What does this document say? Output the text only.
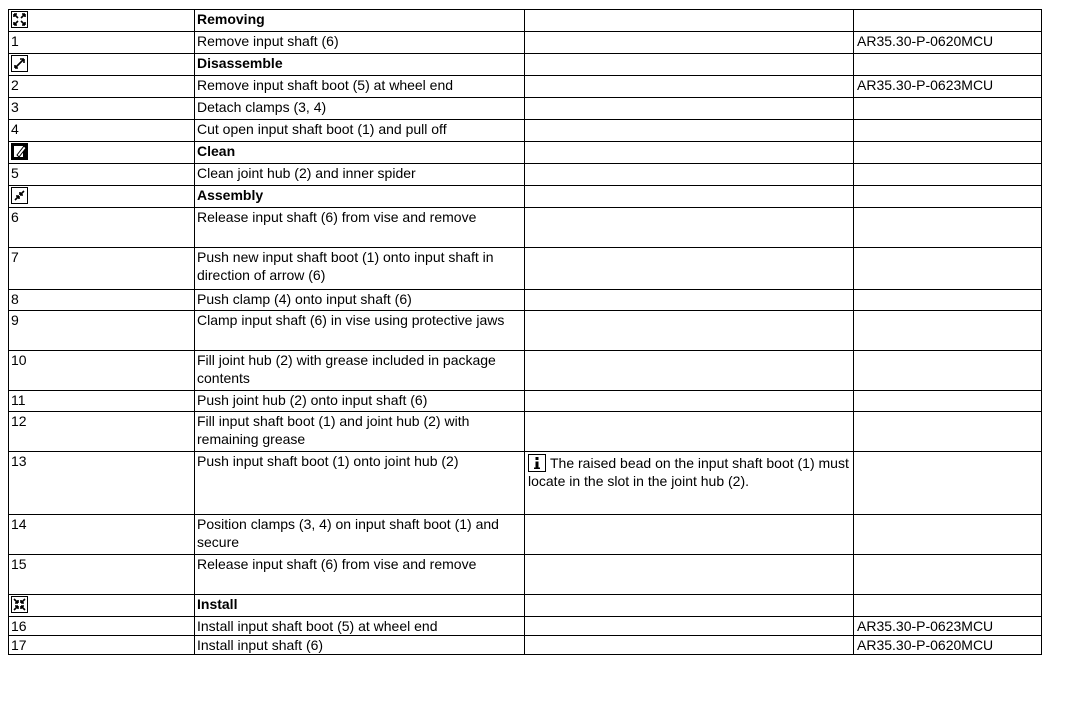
	Removing		
1	Remove input shaft (6)		AR35.30-P-0620MCU
	Disassemble		
2	Remove input shaft boot (5) at wheel end		AR35.30-P-0623MCU
3	Detach clamps (3, 4)		
4	Cut open input shaft boot (1) and pull off		
	Clean		
5	Clean joint hub (2) and inner spider		
	Assembly		
6	Release input shaft (6) from vise and remove		
7	Push new input shaft boot (1) onto input shaft in direction of arrow (6)		
8	Push clamp (4) onto input shaft (6)		
9	Clamp input shaft (6) in vise using protective jaws		
10	Fill joint hub (2) with grease included in package contents		
11	Push joint hub (2) onto input shaft (6)		
12	Fill input shaft boot (1) and joint hub (2) with remaining grease		
13	Push input shaft boot (1) onto joint hub (2)	The raised bead on the input shaft boot (1) must locate in the slot in the joint hub (2).	
14	Position clamps (3, 4) on input shaft boot (1) and secure		
15	Release input shaft (6) from vise and remove		
	Install		
16	Install input shaft boot (5) at wheel end		AR35.30-P-0623MCU
17	Install input shaft (6)		AR35.30-P-0620MCU
